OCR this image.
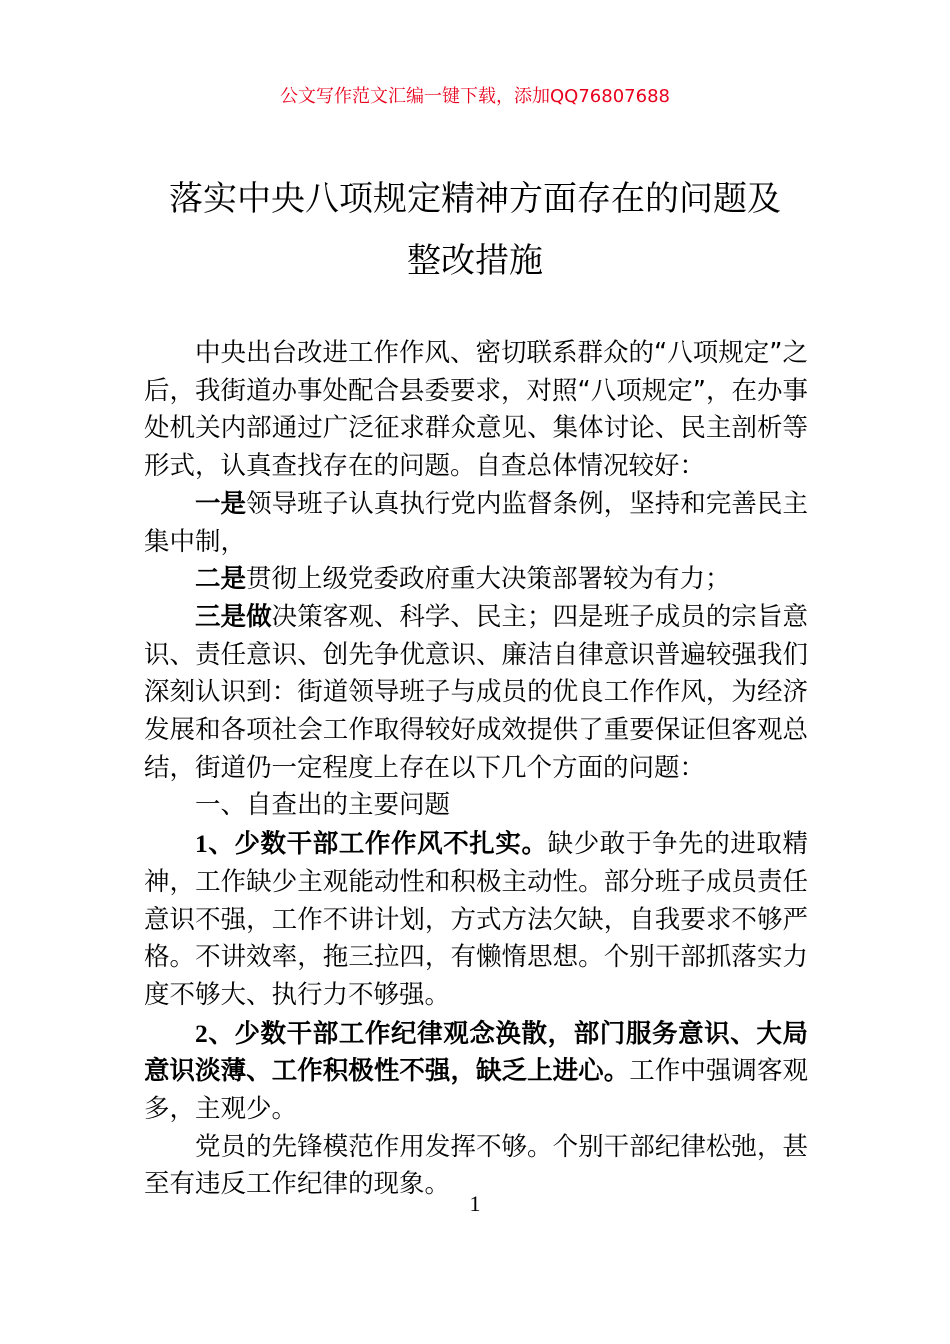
公文写作范文汇编一键下载，添加QQ76807688
落实中央八项规定精神方面存在的问题及
整改措施

中央出台改进工作作风、密切联系群众的“八项规定”之后，我街道办事处配合县委要求，对照“八项规定”，在办事处机关内部通过广泛征求群众意见、集体讨论、民主剖析等形式，认真查找存在的问题。自查总体情况较好：

一是领导班子认真执行党内监督条例，坚持和完善民主集中制，

二是贯彻上级党委政府重大决策部署较为有力；

三是做决策客观、科学、民主；四是班子成员的宗旨意识、责任意识、创先争优意识、廉洁自律意识普遍较强我们深刻认识到：街道领导班子与成员的优良工作作风，为经济发展和各项社会工作取得较好成效提供了重要保证但客观总结，街道仍一定程度上存在以下几个方面的问题：

一、自查出的主要问题

1、少数干部工作作风不扎实。缺少敢于争先的进取精神，工作缺少主观能动性和积极主动性。部分班子成员责任意识不强，工作不讲计划，方式方法欠缺，自我要求不够严格。不讲效率，拖三拉四，有懒惰思想。个别干部抓落实力度不够大、执行力不够强。

2、少数干部工作纪律观念涣散，部门服务意识、大局意识淡薄、工作积极性不强，缺乏上进心。工作中强调客观多，主观少。

党员的先锋模范作用发挥不够。个别干部纪律松弛，甚至有违反工作纪律的现象。

1
